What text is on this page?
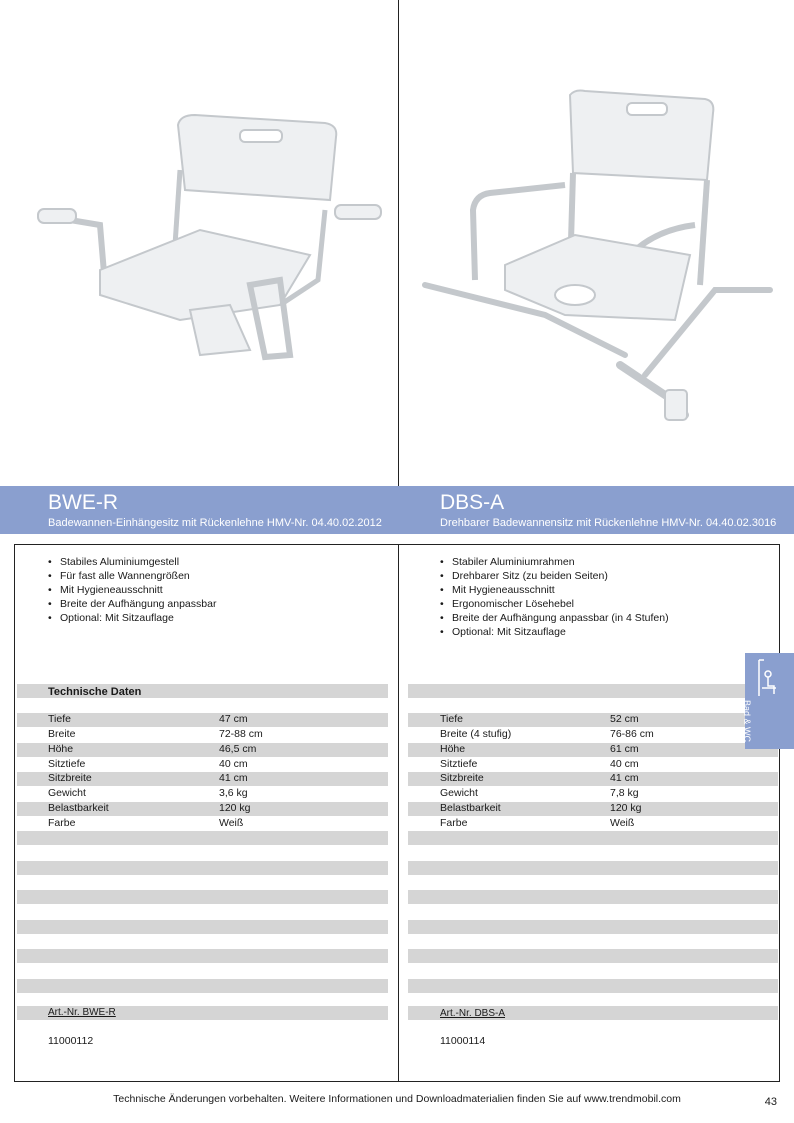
BWE-R
Badewannen-Einhängesitz mit Rückenlehne HMV-Nr. 04.40.02.2012
DBS-A
Drehbarer Badewannensitz mit Rückenlehne HMV-Nr. 04.40.02.3016
• Stabiles Aluminiumgestell
• Für fast alle Wannengrößen
• Mit Hygieneausschnitt
• Breite der Aufhängung anpassbar
• Optional: Mit Sitzauflage
• Stabiler Aluminiumrahmen
• Drehbarer Sitz (zu beiden Seiten)
• Mit Hygieneausschnitt
• Ergonomischer Lösehebel
• Breite der Aufhängung anpassbar (in 4 Stufen)
• Optional: Mit Sitzauflage
Bad & WC
Technische Daten
Tiefe	47 cm
Breite	72-88 cm
Höhe	46,5 cm
Sitztiefe	40 cm
Sitzbreite	41 cm
Gewicht	3,6 kg
Belastbarkeit	120 kg
Farbe	Weiß
Tiefe	52 cm
Breite (4 stufig)	76-86 cm
Höhe	61 cm
Sitztiefe	40 cm
Sitzbreite	41 cm
Gewicht	7,8 kg
Belastbarkeit	120 kg
Farbe	Weiß
Art.-Nr. BWE-R
11000112
Art.-Nr. DBS-A
11000114
Technische Änderungen vorbehalten. Weitere Informationen und Downloadmaterialien finden Sie auf www.trendmobil.com	43
